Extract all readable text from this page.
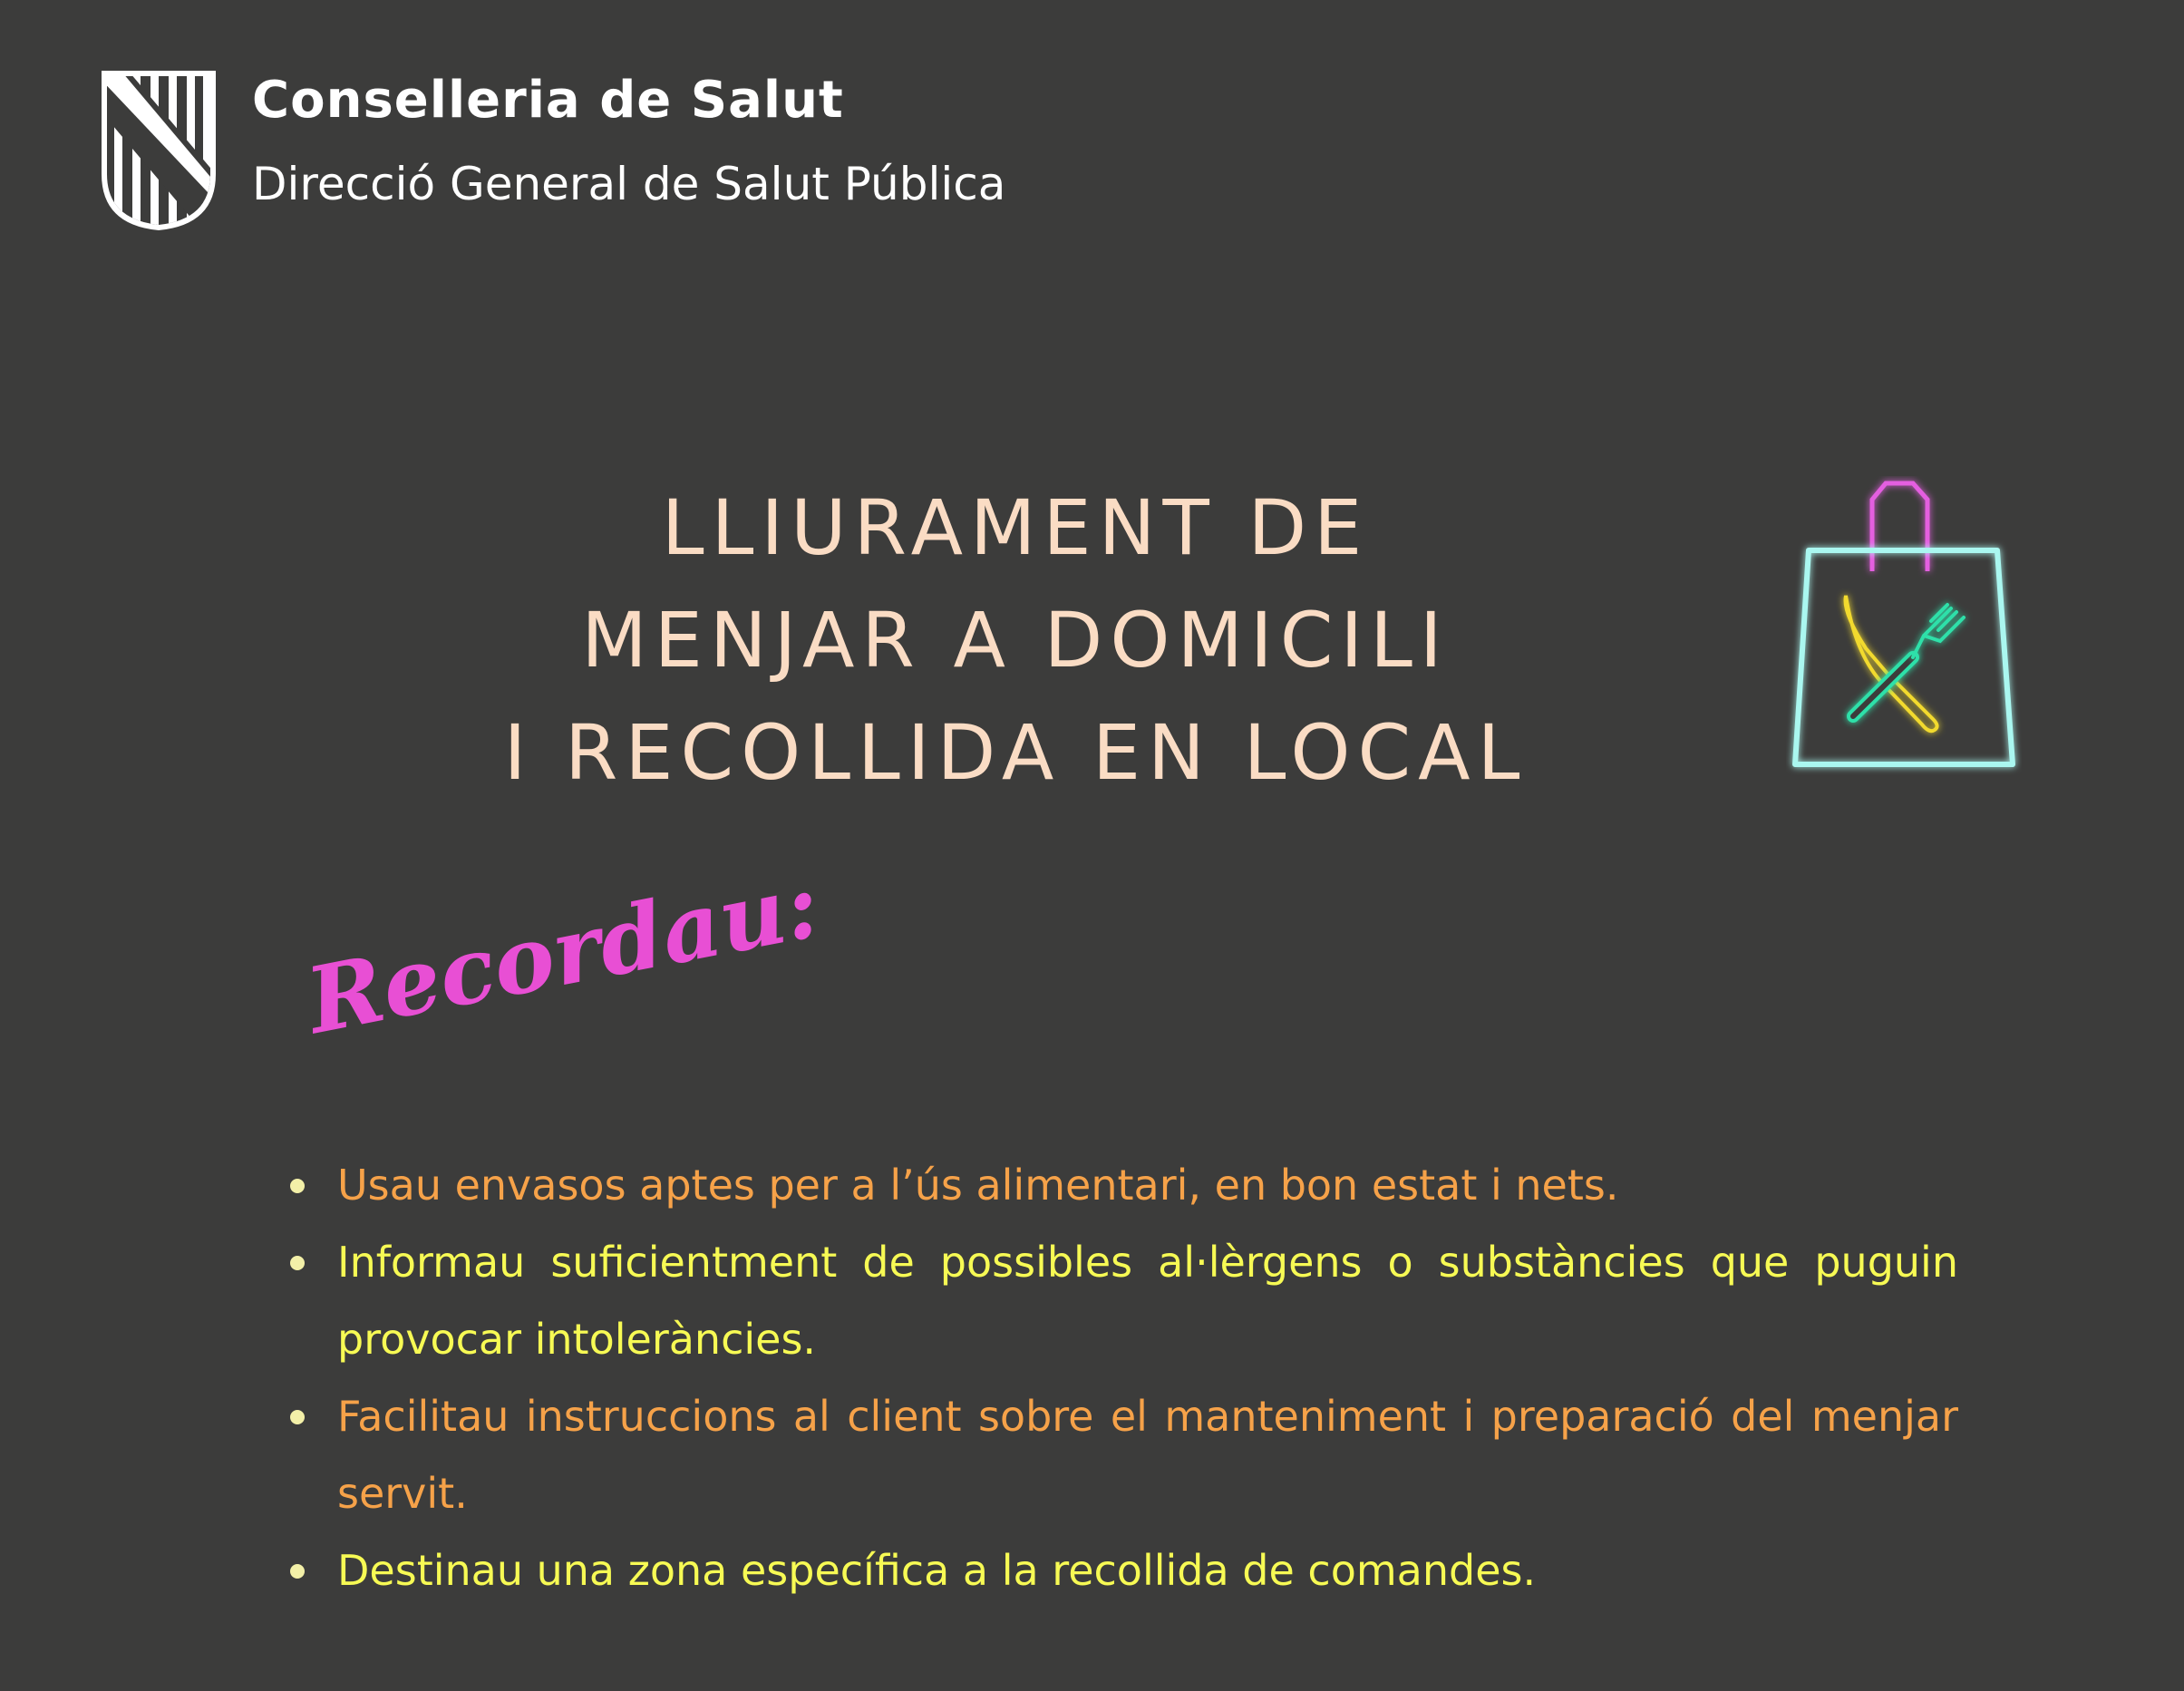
Conselleria de Salut
Direcció General de Salut Pública
LLIURAMENT DE
MENJAR A DOMICILI
I RECOLLIDA EN LOCAL
Recordau:
Usau envasos aptes per a l’ús alimentari, en bon estat i nets.
Informau suficientment de possibles al·lèrgens o substàncies que puguin provocar intoleràncies.
Facilitau instruccions al client sobre el manteniment i preparació del menjar servit.
Destinau una zona específica a la recollida de comandes.
